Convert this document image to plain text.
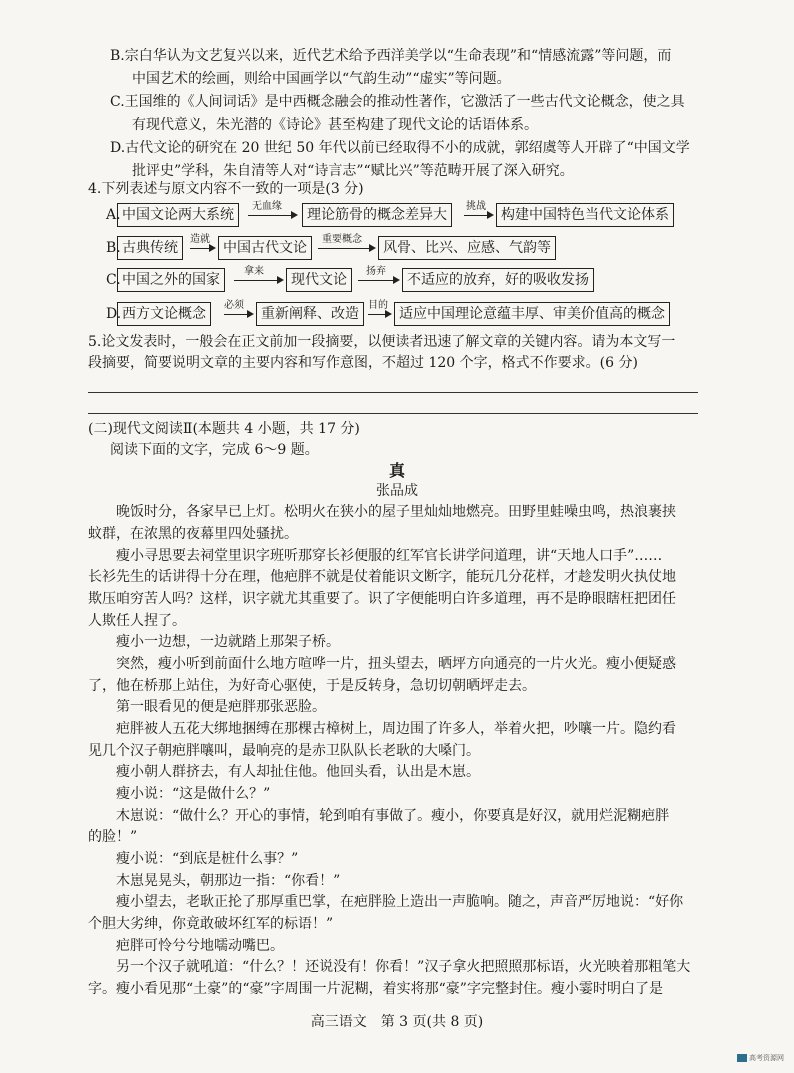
B.宗白华认为文艺复兴以来，近代艺术给予西洋美学以“生命表现”和“情感流露”等问题，而
中国艺术的绘画，则给中国画学以“气韵生动”“虚实”等问题。
C.王国维的《人间词话》是中西概念融会的推动性著作，它激活了一些古代文论概念，使之具
有现代意义，朱光潜的《诗论》甚至构建了现代文论的话语体系。
D.古代文论的研究在 20 世纪 50 年代以前已经取得不小的成就，郭绍虞等人开辟了“中国文学
批评史”学科，朱自清等人对“诗言志”“赋比兴”等范畴开展了深入研究。
4.下列表述与原文内容不一致的一项是(3 分)
A. 中国文论两大系统
无血缘
理论筋骨的概念差异大
挑战
构建中国特色当代文论体系
B. 古典传统
造就
中国古代文论
重要概念
风骨、比兴、应感、气韵等
C. 中国之外的国家
拿来
现代文论
扬弃
不适应的放弃，好的吸收发扬
D. 西方文论概念
必须
重新阐释、改造
目的
适应中国理论意蕴丰厚、审美价值高的概念
5.论文发表时，一般会在正文前加一段摘要，以便读者迅速了解文章的关键内容。请为本文写一
段摘要，简要说明文章的主要内容和写作意图，不超过 120 个字，格式不作要求。(6 分)
(二)现代文阅读Ⅱ(本题共 4 小题，共 17 分)
阅读下面的文字，完成 6～9 题。
真
张品成
晚饭时分，各家早已上灯。松明火在狭小的屋子里灿灿地燃亮。田野里蛙噪虫鸣，热浪裹挟
蚊群，在浓黑的夜幕里四处骚扰。
瘦小寻思要去祠堂里识字班听那穿长衫便服的红军官长讲学问道理，讲“天地人口手”……
长衫先生的话讲得十分在理，他疤胖不就是仗着能识文断字，能玩几分花样，才趁发明火执仗地
欺压咱穷苦人吗？这样，识字就尤其重要了。识了字便能明白许多道理，再不是睁眼瞎枉把团任
人欺任人捏了。
瘦小一边想，一边就踏上那架子桥。
突然，瘦小听到前面什么地方喧哗一片，扭头望去，晒坪方向通亮的一片火光。瘦小便疑惑
了，他在桥那上站住，为好奇心驱使，于是反转身，急切切朝晒坪走去。
第一眼看见的便是疤胖那张恶脸。
疤胖被人五花大绑地捆缚在那棵古樟树上，周边围了许多人，举着火把，吵嚷一片。隐约看
见几个汉子朝疤胖嚷叫，最响亮的是赤卫队队长老耿的大嗓门。
瘦小朝人群挤去，有人却扯住他。他回头看，认出是木崽。
瘦小说：“这是做什么？”
木崽说：“做什么？开心的事情，轮到咱有事做了。瘦小，你要真是好汉，就用烂泥糊疤胖
的脸！”
瘦小说：“到底是桩什么事？”
木崽晃晃头，朝那边一指：“你看！”
瘦小望去，老耿正抡了那厚重巴掌，在疤胖脸上造出一声脆响。随之，声音严厉地说：“好你
个胆大劣绅，你竟敢破坏红军的标语！”
疤胖可怜兮兮地嚅动嘴巴。
另一个汉子就吼道：“什么？！还说没有！你看！”汉子拿火把照照那标语，火光映着那粗笔大
字。瘦小看见那“土豪”的“豪”字周围一片泥糊，着实将那“豪”字完整封住。瘦小霎时明白了是
高三语文　第 3 页(共 8 页)
高考资源网
